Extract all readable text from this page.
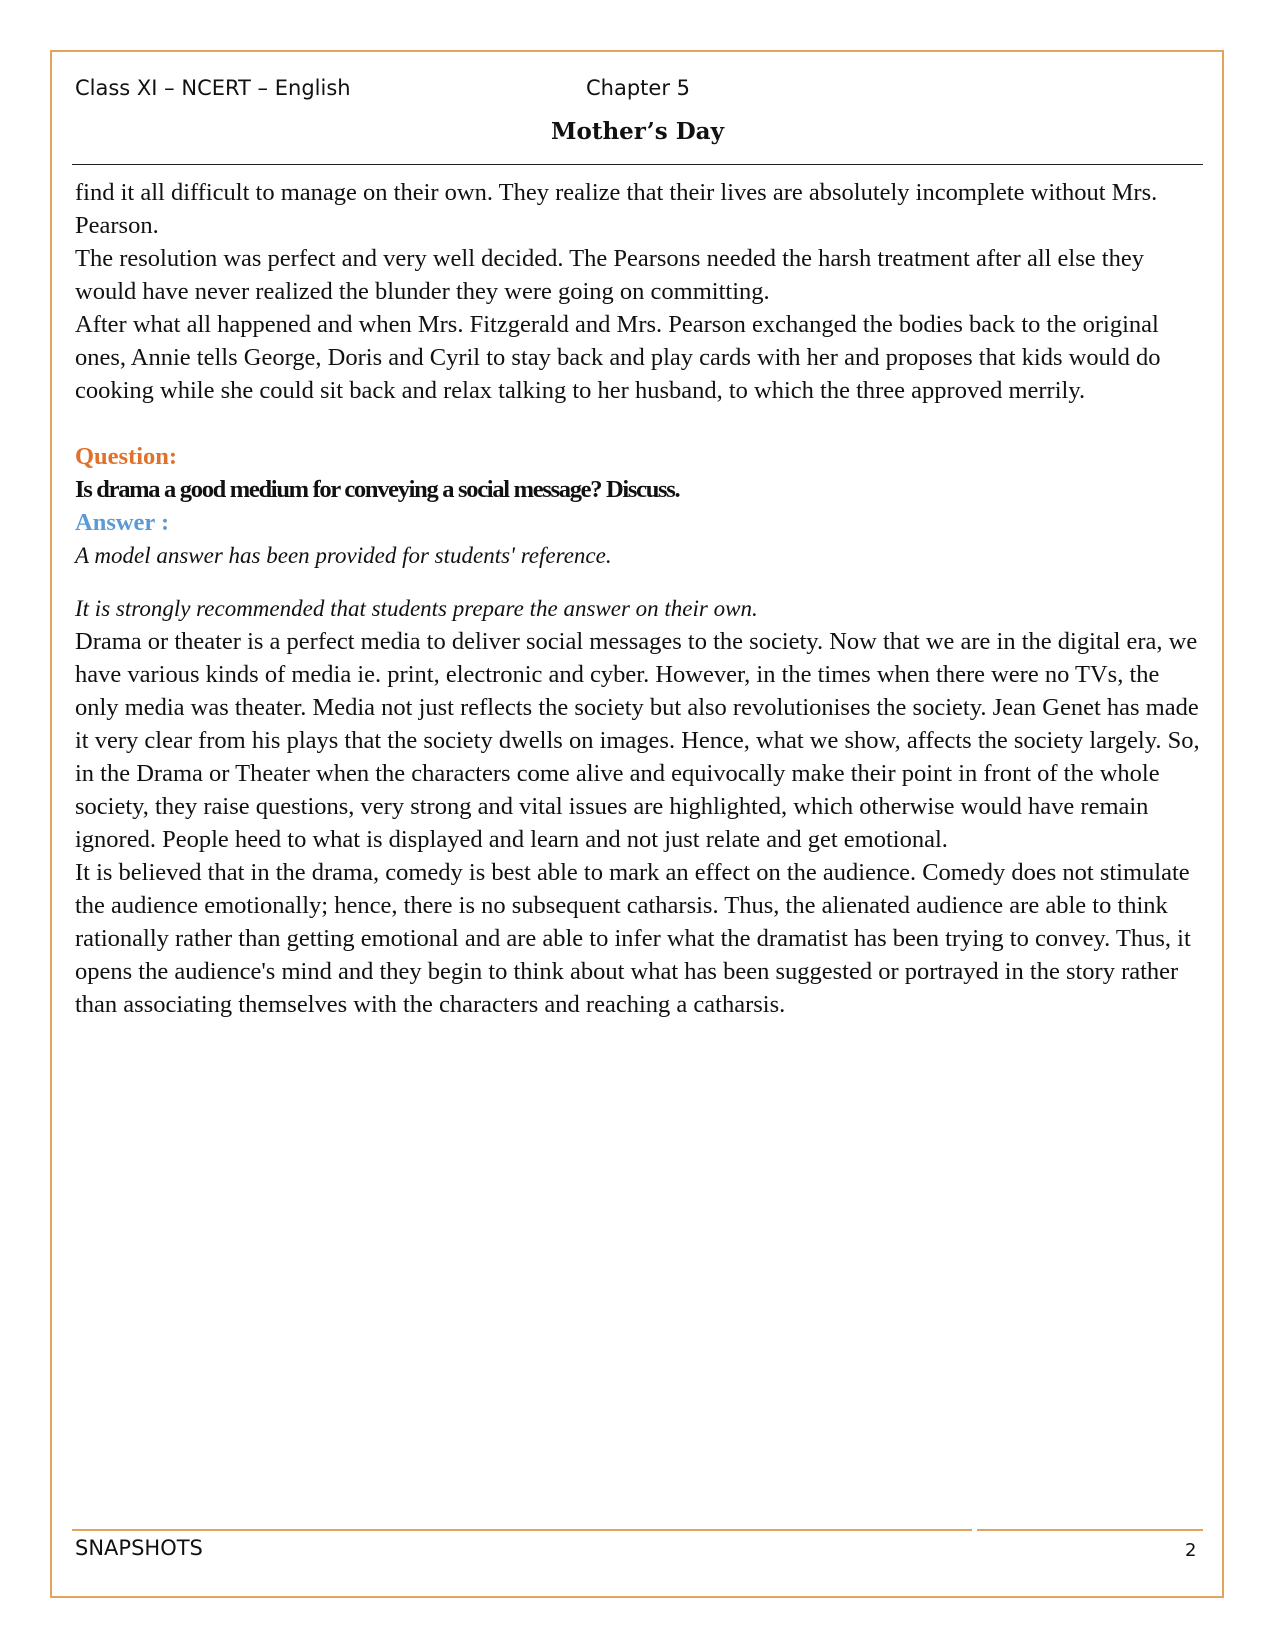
Class XI – NCERT – English	Chapter 5
Mother’s Day

find it all difficult to manage on their own. They realize that their lives are absolutely incomplete without Mrs. Pearson.

The resolution was perfect and very well decided. The Pearsons needed the harsh treatment after all else they would have never realized the blunder they were going on committing.

After what all happened and when Mrs. Fitzgerald and Mrs. Pearson exchanged the bodies back to the original ones, Annie tells George, Doris and Cyril to stay back and play cards with her and proposes that kids would do cooking while she could sit back and relax talking to her husband, to which the three approved merrily.

Question:

Is drama a good medium for conveying a social message? Discuss.

Answer :

A model answer has been provided for students' reference.

It is strongly recommended that students prepare the answer on their own.

Drama or theater is a perfect media to deliver social messages to the society. Now that we are in the digital era, we have various kinds of media ie. print, electronic and cyber. However, in the times when there were no TVs, the only media was theater. Media not just reflects the society but also revolutionises the society. Jean Genet has made it very clear from his plays that the society dwells on images. Hence, what we show, affects the society largely. So, in the Drama or Theater when the characters come alive and equivocally make their point in front of the whole society, they raise questions, very strong and vital issues are highlighted, which otherwise would have remain ignored. People heed to what is displayed and learn and not just relate and get emotional.

It is believed that in the drama, comedy is best able to mark an effect on the audience. Comedy does not stimulate the audience emotionally; hence, there is no subsequent catharsis. Thus, the alienated audience are able to think rationally rather than getting emotional and are able to infer what the dramatist has been trying to convey. Thus, it opens the audience's mind and they begin to think about what has been suggested or portrayed in the story rather than associating themselves with the characters and reaching a catharsis.

SNAPSHOTS	2
